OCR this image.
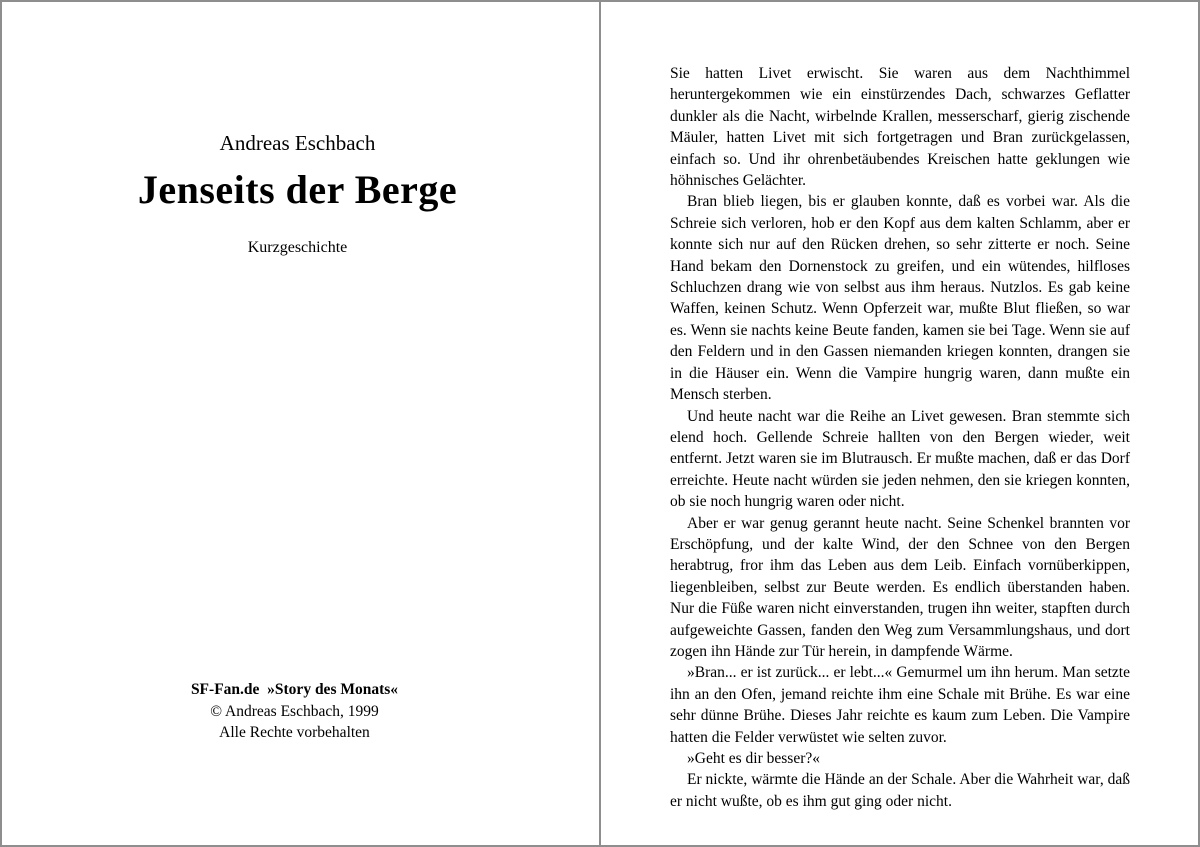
Andreas Eschbach
Jenseits der Berge
Kurzgeschichte
SF-Fan.de  »Story des Monats«
© Andreas Eschbach, 1999
Alle Rechte vorbehalten

Sie hatten Livet erwischt. Sie waren aus dem Nachthimmel heruntergekommen wie ein einstürzendes Dach, schwarzes Geflatter dunkler als die Nacht, wirbelnde Krallen, messerscharf, gierig zischende Mäuler, hatten Livet mit sich fortgetragen und Bran zurückgelassen, einfach so. Und ihr ohrenbetäubendes Kreischen hatte geklungen wie höhnisches Gelächter.

Bran blieb liegen, bis er glauben konnte, daß es vorbei war. Als die Schreie sich verloren, hob er den Kopf aus dem kalten Schlamm, aber er konnte sich nur auf den Rücken drehen, so sehr zitterte er noch. Seine Hand bekam den Dornenstock zu greifen, und ein wütendes, hilfloses Schluchzen drang wie von selbst aus ihm heraus. Nutzlos. Es gab keine Waffen, keinen Schutz. Wenn Opferzeit war, mußte Blut fließen, so war es. Wenn sie nachts keine Beute fanden, kamen sie bei Tage. Wenn sie auf den Feldern und in den Gassen niemanden kriegen konnten, drangen sie in die Häuser ein. Wenn die Vampire hungrig waren, dann mußte ein Mensch sterben.

Und heute nacht war die Reihe an Livet gewesen. Bran stemmte sich elend hoch. Gellende Schreie hallten von den Bergen wieder, weit entfernt. Jetzt waren sie im Blutrausch. Er mußte machen, daß er das Dorf erreichte. Heute nacht würden sie jeden nehmen, den sie kriegen konnten, ob sie noch hungrig waren oder nicht.

Aber er war genug gerannt heute nacht. Seine Schenkel brannten vor Erschöpfung, und der kalte Wind, der den Schnee von den Bergen herabtrug, fror ihm das Leben aus dem Leib. Einfach vornüberkippen, liegenbleiben, selbst zur Beute werden. Es endlich überstanden haben. Nur die Füße waren nicht einverstanden, trugen ihn weiter, stapften durch aufgeweichte Gassen, fanden den Weg zum Versammlungshaus, und dort zogen ihn Hände zur Tür herein, in dampfende Wärme.

»Bran... er ist zurück... er lebt...« Gemurmel um ihn herum. Man setzte ihn an den Ofen, jemand reichte ihm eine Schale mit Brühe. Es war eine sehr dünne Brühe. Dieses Jahr reichte es kaum zum Leben. Die Vampire hatten die Felder verwüstet wie selten zuvor.

»Geht es dir besser?«

Er nickte, wärmte die Hände an der Schale. Aber die Wahrheit war, daß er nicht wußte, ob es ihm gut ging oder nicht.
